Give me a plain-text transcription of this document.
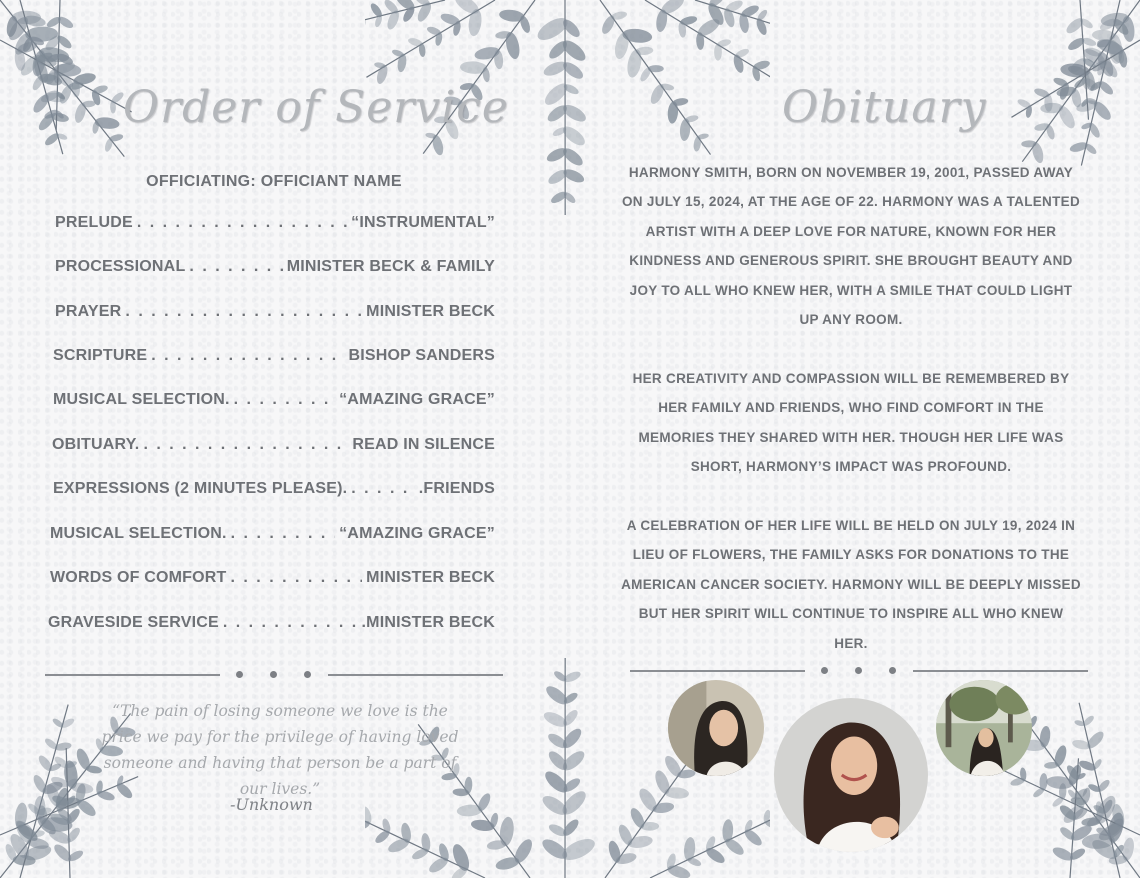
Order of Service
OFFICIATING: OFFICIANT NAME
PRELUDE . . .	“INSTRUMENTAL”
PROCESSIONAL . . .	MINISTER BECK & FAMILY
PRAYER . . .	MINISTER BECK
SCRIPTURE . . .	BISHOP SANDERS
MUSICAL SELECTION. . . .	“AMAZING GRACE”
OBITUARY. . . .	READ IN SILENCE
EXPRESSIONS (2 MINUTES PLEASE). . . .	.FRIENDS
MUSICAL SELECTION. . . .	“AMAZING GRACE”
WORDS OF COMFORT . . .	MINISTER BECK
GRAVESIDE SERVICE . . .	.MINISTER BECK
“The pain of losing someone we love is the price we pay for the privilege of having loved someone and having that person be a part of our lives.”
-Unknown
Obituary
HARMONY SMITH, BORN ON NOVEMBER 19, 2001, PASSED AWAY ON JULY 15, 2024, AT THE AGE OF 22. HARMONY WAS A TALENTED ARTIST WITH A DEEP LOVE FOR NATURE, KNOWN FOR HER KINDNESS AND GENEROUS SPIRIT. SHE BROUGHT BEAUTY AND JOY TO ALL WHO KNEW HER, WITH A SMILE THAT COULD LIGHT UP ANY ROOM.
HER CREATIVITY AND COMPASSION WILL BE REMEMBERED BY HER FAMILY AND FRIENDS, WHO FIND COMFORT IN THE MEMORIES THEY SHARED WITH HER. THOUGH HER LIFE WAS SHORT, HARMONY’S IMPACT WAS PROFOUND.
A CELEBRATION OF HER LIFE WILL BE HELD ON JULY 19, 2024 IN LIEU OF FLOWERS, THE FAMILY ASKS FOR DONATIONS TO THE AMERICAN CANCER SOCIETY. HARMONY WILL BE DEEPLY MISSED BUT HER SPIRIT WILL CONTINUE TO INSPIRE ALL WHO KNEW HER.
